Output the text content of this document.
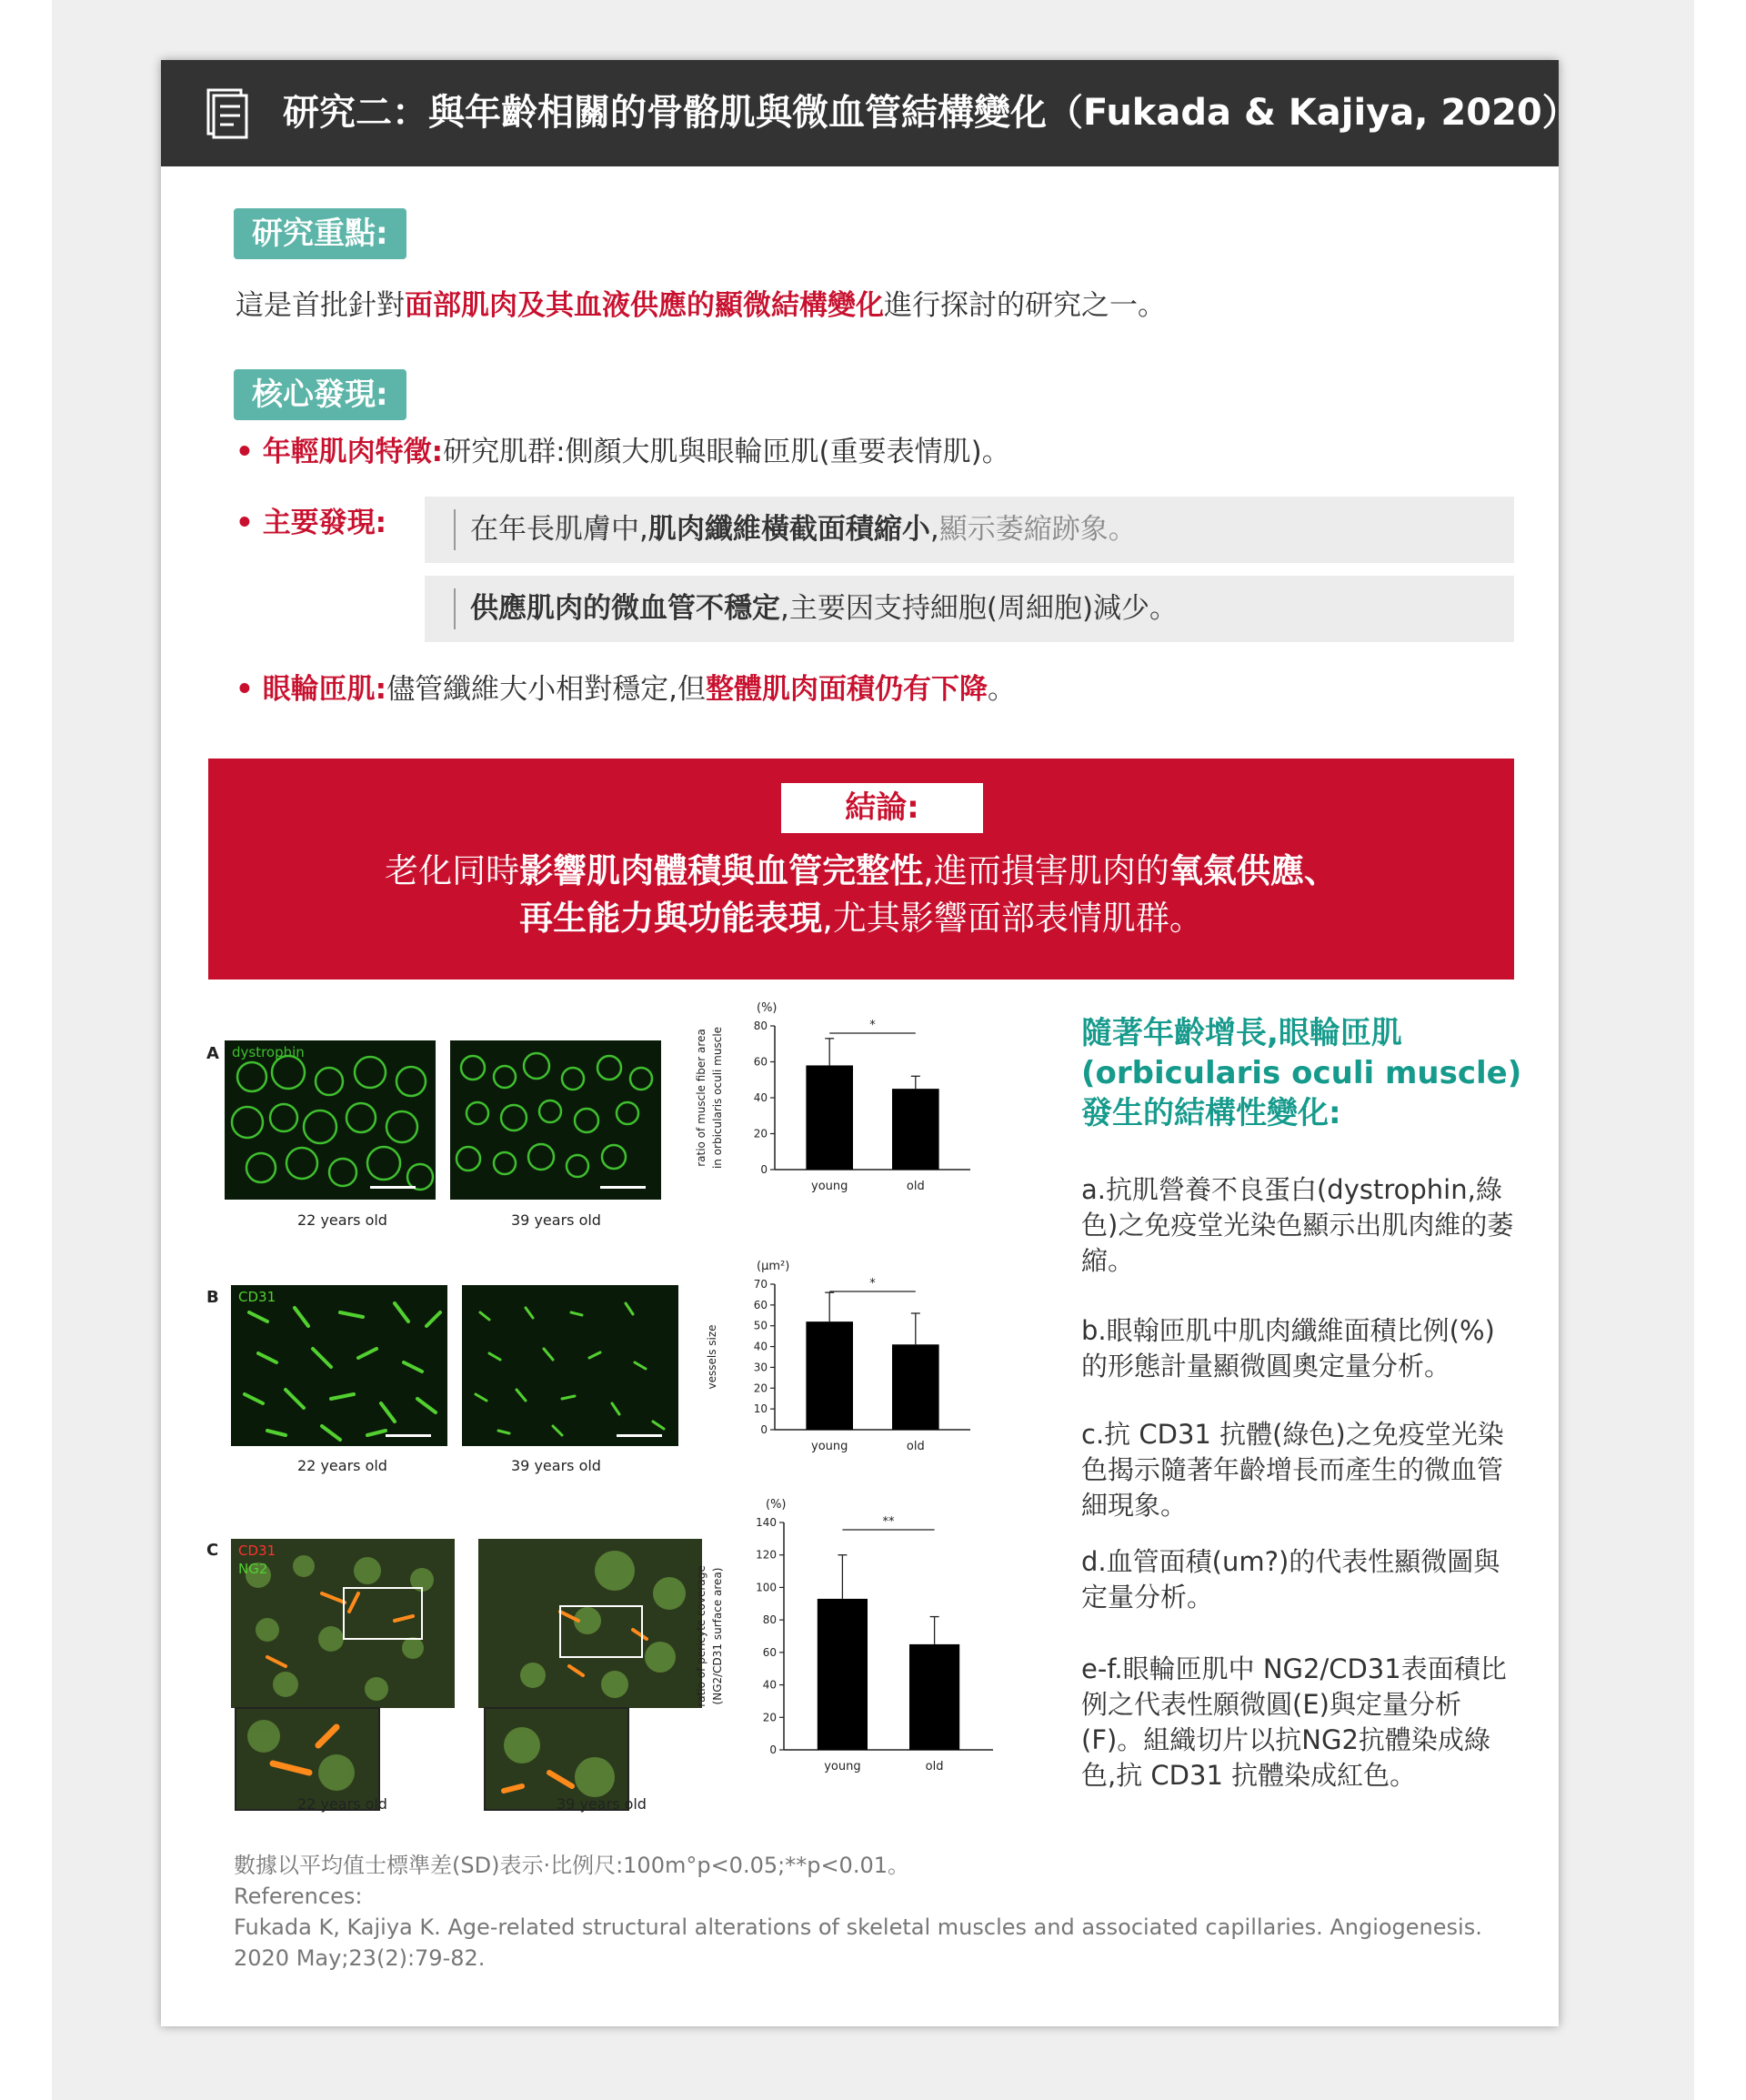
研究二：與年齡相關的骨骼肌與微血管結構變化（Fukada & Kajiya, 2020）
研究重點:
這是首批針對面部肌肉及其血液供應的顯微結構變化進行探討的研究之一。
核心發現:
• 年輕肌肉特徵:研究肌群:側顏大肌與眼輪匝肌(重要表情肌)。
• 主要發現:	在年長肌膚中,肌肉纖維橫截面積縮小,顯示萎縮跡象。
供應肌肉的微血管不穩定,主要因支持細胞(周細胞)減少。
• 眼輪匝肌:儘管纖維大小相對穩定,但整體肌肉面積仍有下降。
結論:
老化同時影響肌肉體積與血管完整性,進而損害肌肉的氧氣供應、
再生能力與功能表現,尤其影響面部表情肌群。
A dystrophin
22 years old	39 years old
B CD31
22 years old	39 years old
C CD31
NG2
22 years old	39 years old
(%)
ratio of muscle fiber area in orbicularis oculi muscle
0
20
40
60
80
young	old
*
(μm²)
vessels size
0
10
20
30
40
50
60
70
young	old
*
(%)
ratio of pericyte coverage (NG2/CD31 surface area)
0
20
40
60
80
100
120
140
young	old
**
隨著年齡增長,眼輪匝肌
(orbicularis oculi muscle)
發生的結構性變化:
a.抗肌營養不良蛋白(dystrophin,綠色)之免疫堂光染色顯示出肌肉維的萎縮。
b.眼翰匝肌中肌肉纖維面積比例(%)的形態計量顯微圓奧定量分析。
c.抗 CD31 抗體(綠色)之免疫堂光染色揭示隨著年齡增長而產生的微血管細現象。
d.血管面積(um?)的代表性顯微圖與定量分析。
e-f.眼輪匝肌中 NG2/CD31表面積比例之代表性願微圓(E)與定量分析(F)。組織切片以抗NG2抗體染成綠色,抗 CD31 抗體染成紅色。
數據以平均值士標準差(SD)表示·比例尺:100m°p<0.05;**p<0.01。
References:
Fukada K, Kajiya K. Age-related structural alterations of skeletal muscles and associated capillaries. Angiogenesis.
2020 May;23(2):79-82.
